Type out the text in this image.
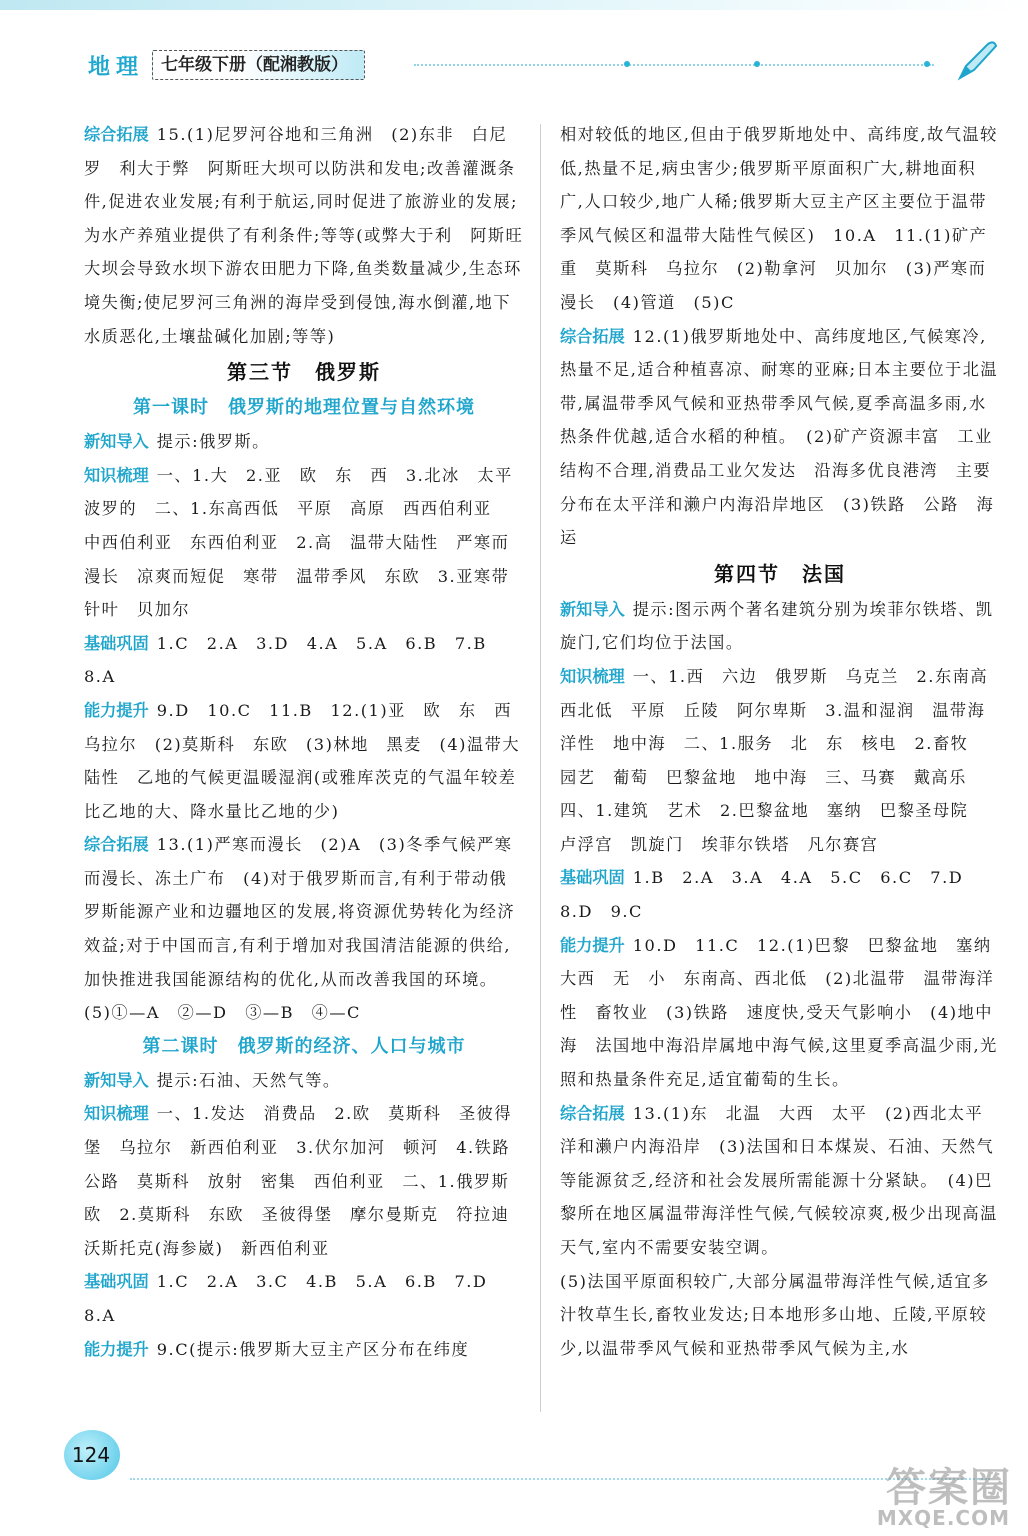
地理 七年级下册（配湘教版）

综合拓展 15.(1)尼罗河谷地和三角洲　(2)东非　白尼罗　利大于弊　阿斯旺大坝可以防洪和发电;改善灌溉条件,促进农业发展;有利于航运,同时促进了旅游业的发展;为水产养殖业提供了有利条件;等等(或弊大于利　阿斯旺大坝会导致水坝下游农田肥力下降,鱼类数量减少,生态环境失衡;使尼罗河三角洲的海岸受到侵蚀,海水倒灌,地下水质恶化,土壤盐碱化加剧;等等)

第三节　俄罗斯

第一课时　俄罗斯的地理位置与自然环境

新知导入 提示:俄罗斯。

知识梳理 一、1.大　2.亚　欧　东　西　3.北冰　太平　波罗的　二、1.东高西低　平原　高原　西西伯利亚　中西伯利亚　东西伯利亚　2.高　温带大陆性　严寒而漫长　凉爽而短促　寒带　温带季风　东欧　3.亚寒带针叶　贝加尔

基础巩固 1.C　2.A　3.D　4.A　5.A　6.B　7.B　8.A

能力提升 9.D　10.C　11.B　12.(1)亚　欧　东　西　乌拉尔　(2)莫斯科　东欧　(3)林地　黑麦　(4)温带大陆性　乙地的气候更温暖湿润(或雅库茨克的气温年较差比乙地的大、降水量比乙地的少)

综合拓展 13.(1)严寒而漫长　(2)A　(3)冬季气候严寒而漫长、冻土广布　(4)对于俄罗斯而言,有利于带动俄罗斯能源产业和边疆地区的发展,将资源优势转化为经济效益;对于中国而言,有利于增加对我国清洁能源的供给,加快推进我国能源结构的优化,从而改善我国的环境。　(5)①—A　②—D　③—B　④—C

第二课时　俄罗斯的经济、人口与城市

新知导入 提示:石油、天然气等。

知识梳理 一、1.发达　消费品　2.欧　莫斯科　圣彼得堡　乌拉尔　新西伯利亚　3.伏尔加河　顿河　4.铁路　公路　莫斯科　放射　密集　西伯利亚　二、1.俄罗斯　欧　2.莫斯科　东欧　圣彼得堡　摩尔曼斯克　符拉迪沃斯托克(海参崴)　新西伯利亚

基础巩固 1.C　2.A　3.C　4.B　5.A　6.B　7.D　8.A

能力提升 9.C(提示:俄罗斯大豆主产区分布在纬度

相对较低的地区,但由于俄罗斯地处中、高纬度,故气温较低,热量不足,病虫害少;俄罗斯平原面积广大,耕地面积广,人口较少,地广人稀;俄罗斯大豆主产区主要位于温带季风气候区和温带大陆性气候区)　10.A　11.(1)矿产　重　莫斯科　乌拉尔　(2)勒拿河　贝加尔　(3)严寒而漫长　(4)管道　(5)C

综合拓展 12.(1)俄罗斯地处中、高纬度地区,气候寒冷,热量不足,适合种植喜凉、耐寒的亚麻;日本主要位于北温带,属温带季风气候和亚热带季风气候,夏季高温多雨,水热条件优越,适合水稻的种植。　(2)矿产资源丰富　工业结构不合理,消费品工业欠发达　沿海多优良港湾　主要分布在太平洋和濑户内海沿岸地区　(3)铁路　公路　海运

第四节　法国

新知导入 提示:图示两个著名建筑分别为埃菲尔铁塔、凯旋门,它们均位于法国。

知识梳理 一、1.西　六边　俄罗斯　乌克兰　2.东南高　西北低　平原　丘陵　阿尔卑斯　3.温和湿润　温带海洋性　地中海　二、1.服务　北　东　核电　2.畜牧　园艺　葡萄　巴黎盆地　地中海　三、马赛　戴高乐　四、1.建筑　艺术　2.巴黎盆地　塞纳　巴黎圣母院　卢浮宫　凯旋门　埃菲尔铁塔　凡尔赛宫

基础巩固 1.B　2.A　3.A　4.A　5.C　6.C　7.D　8.D　9.C

能力提升 10.D　11.C　12.(1)巴黎　巴黎盆地　塞纳　大西　无　小　东南高、西北低　(2)北温带　温带海洋性　畜牧业　(3)铁路　速度快,受天气影响小　(4)地中海　法国地中海沿岸属地中海气候,这里夏季高温少雨,光照和热量条件充足,适宜葡萄的生长。

综合拓展 13.(1)东　北温　大西　太平　(2)西北太平洋和濑户内海沿岸　(3)法国和日本煤炭、石油、天然气等能源贫乏,经济和社会发展所需能源十分紧缺。　(4)巴黎所在地区属温带海洋性气候,气候较凉爽,极少出现高温天气,室内不需要安装空调。

(5)法国平原面积较广,大部分属温带海洋性气候,适宜多汁牧草生长,畜牧业发达;日本地形多山地、丘陵,平原较少,以温带季风气候和亚热带季风气候为主,水

124
答案圈
MXQE.COM
